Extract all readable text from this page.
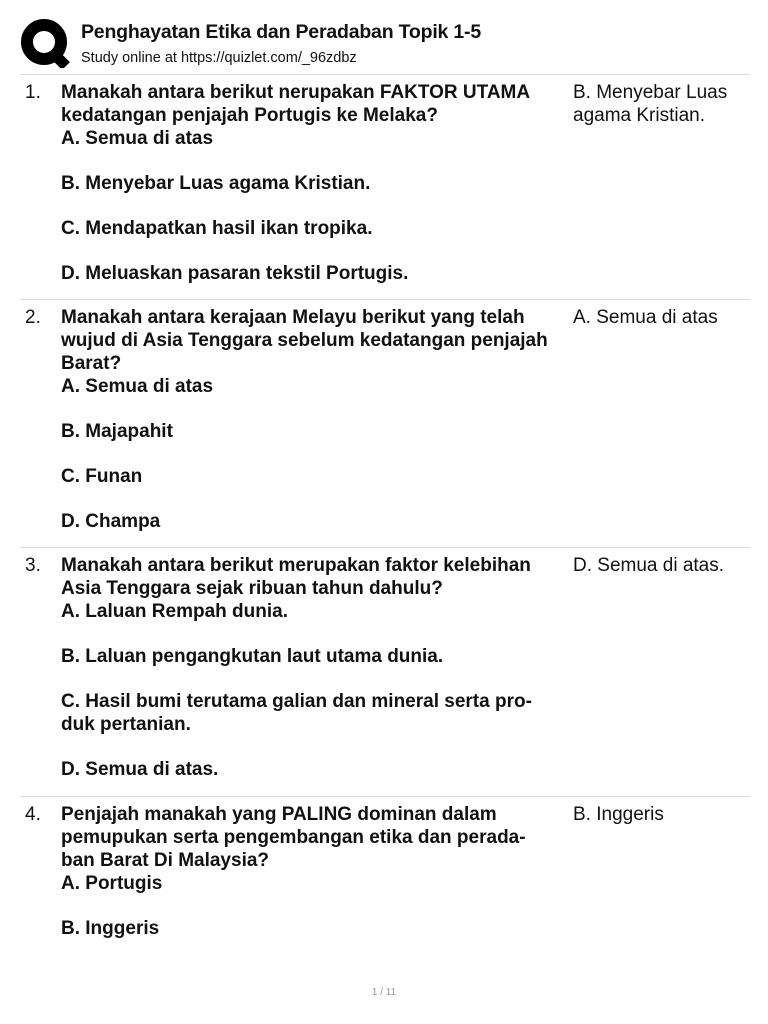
Penghayatan Etika dan Peradaban Topik 1-5
Study online at https://quizlet.com/_96zdbz
1. Manakah antara berikut nerupakan FAKTOR UTAMA
kedatangan penjajah Portugis ke Melaka?
A. Semua di atas
B. Menyebar Luas agama Kristian.
C. Mendapatkan hasil ikan tropika.
D. Meluaskan pasaran tekstil Portugis.
B. Menyebar Luas
agama Kristian.
2. Manakah antara kerajaan Melayu berikut yang telah
wujud di Asia Tenggara sebelum kedatangan penjajah
Barat?
A. Semua di atas
B. Majapahit
C. Funan
D. Champa
A. Semua di atas
3. Manakah antara berikut merupakan faktor kelebihan
Asia Tenggara sejak ribuan tahun dahulu?
A. Laluan Rempah dunia.
B. Laluan pengangkutan laut utama dunia.
C. Hasil bumi terutama galian dan mineral serta pro-
duk pertanian.
D. Semua di atas.
D. Semua di atas.
4. Penjajah manakah yang PALING dominan dalam
pemupukan serta pengembangan etika dan perada-
ban Barat Di Malaysia?
A. Portugis
B. Inggeris
B. Inggeris
1 / 11
